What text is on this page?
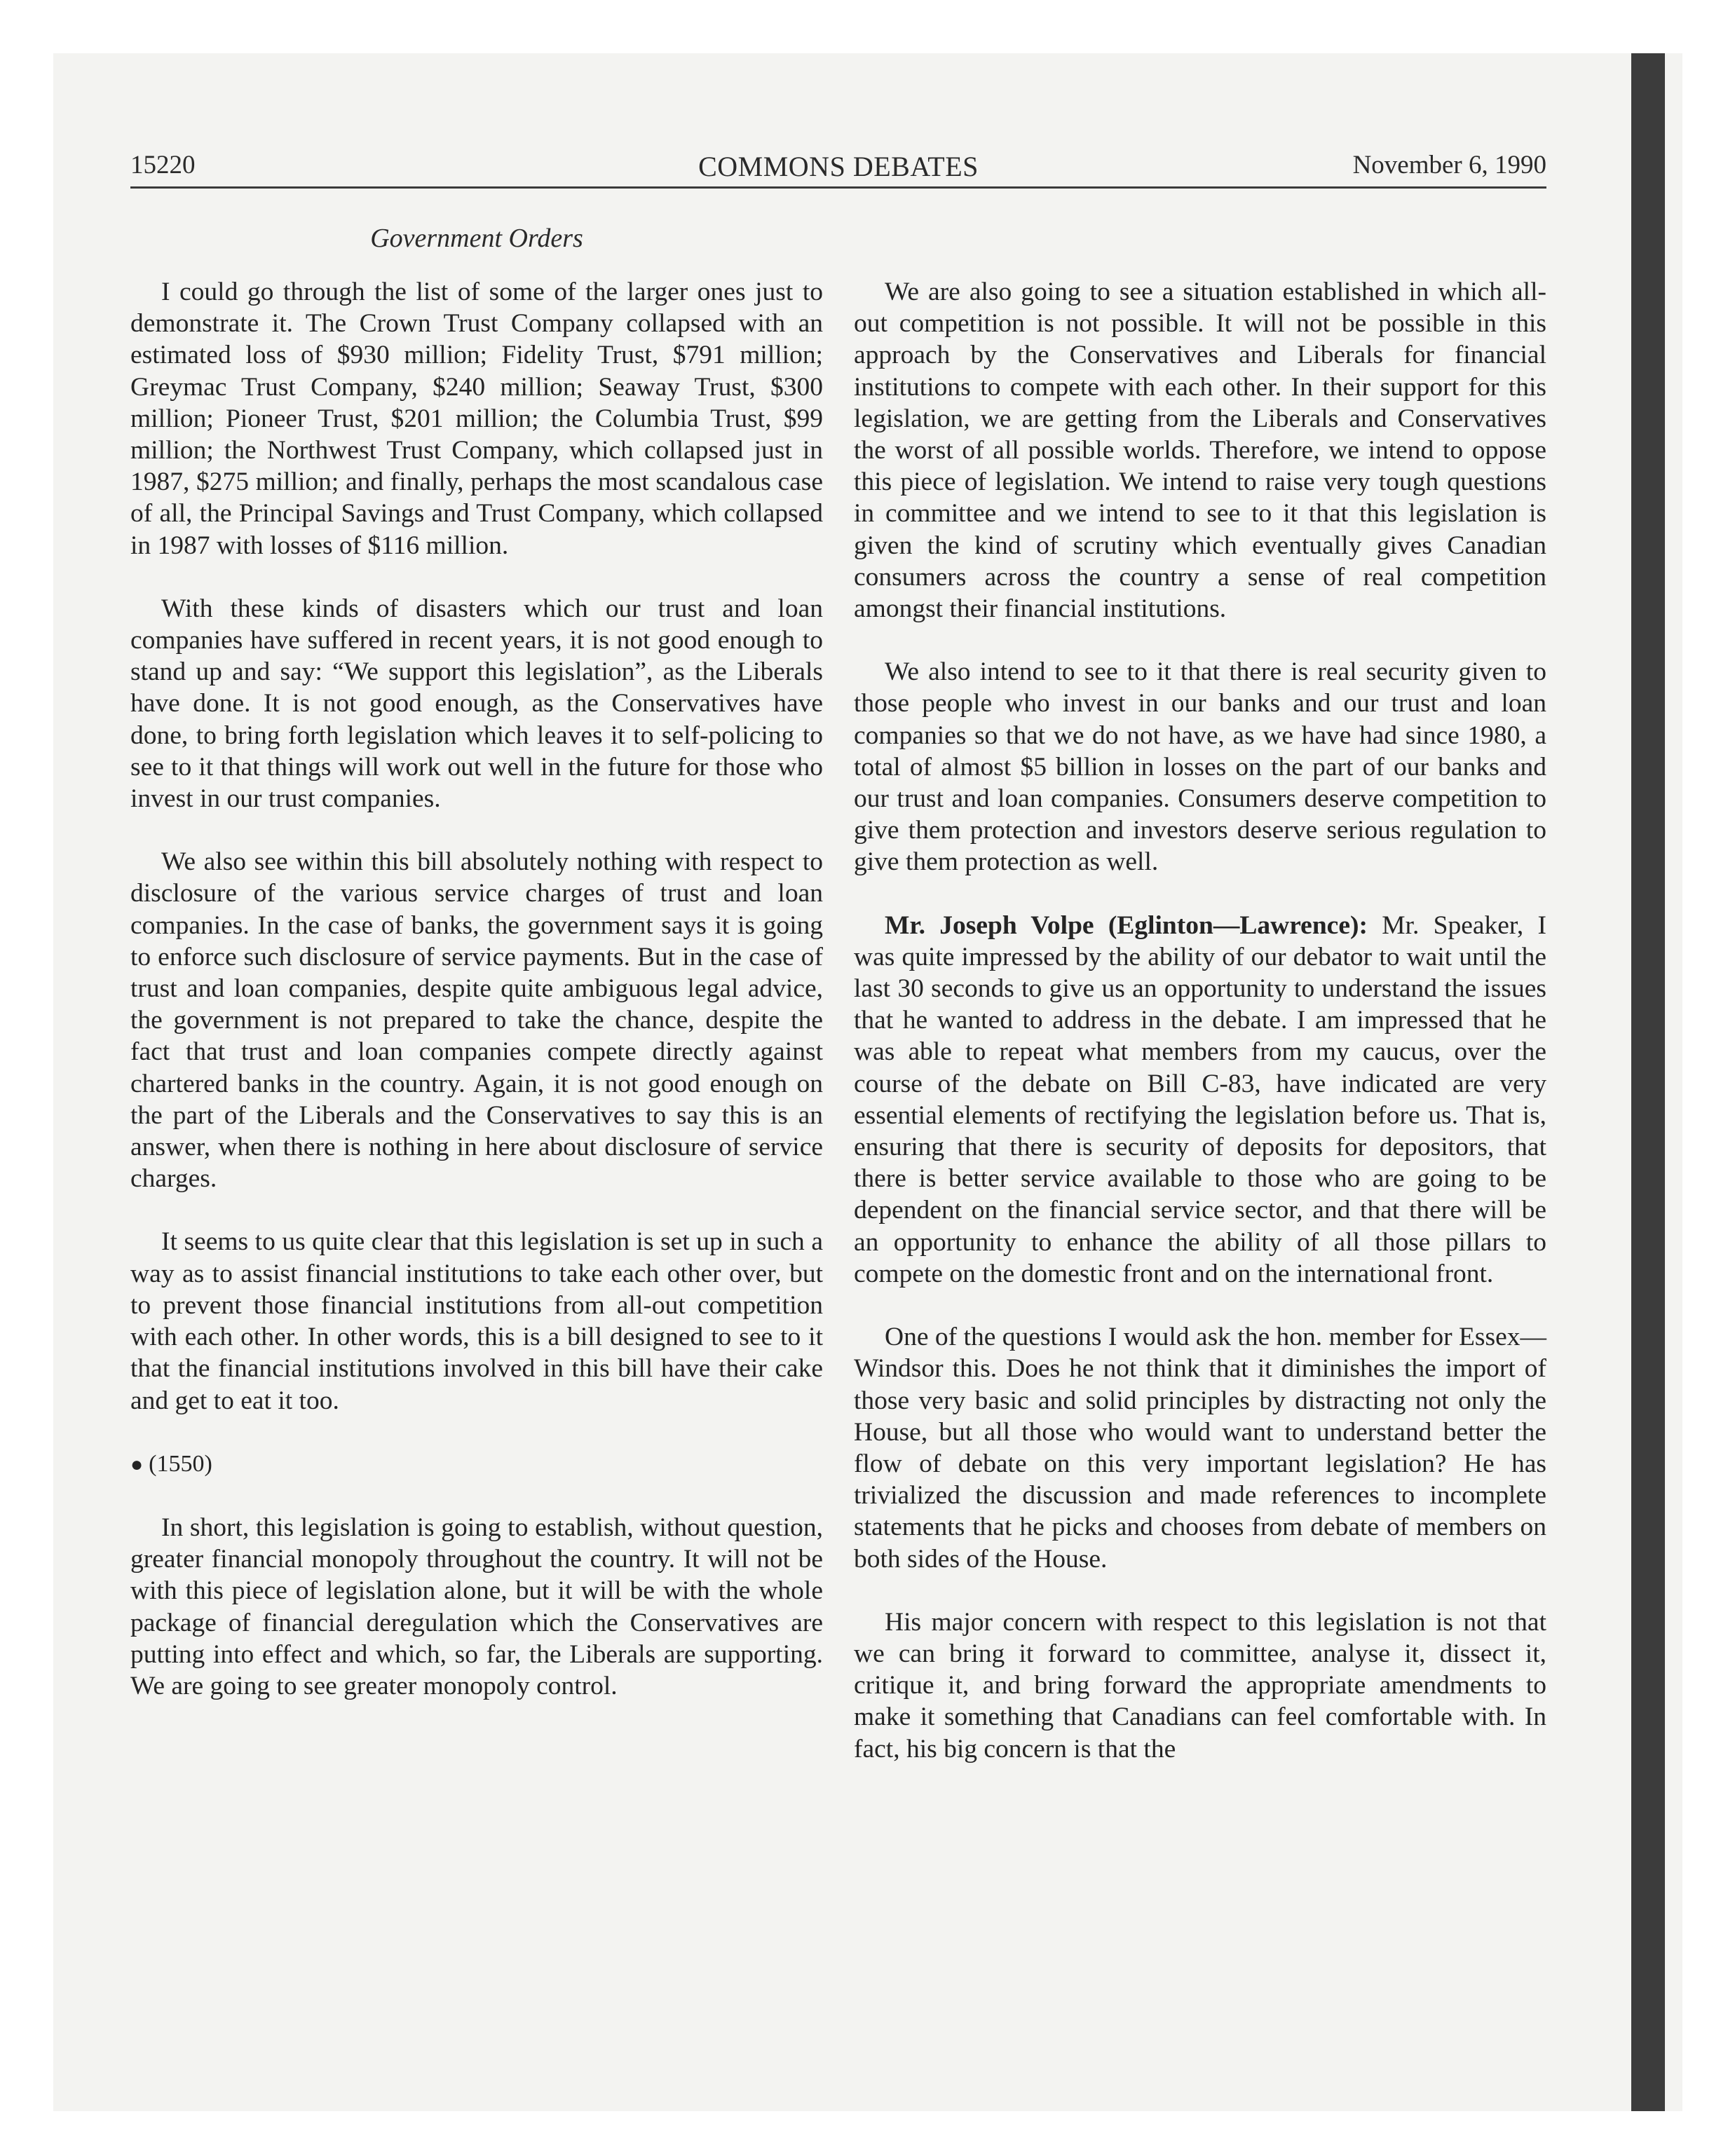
15220	COMMONS DEBATES	November 6, 1990
Government Orders

I could go through the list of some of the larger ones just to demonstrate it. The Crown Trust Company collapsed with an estimated loss of $930 million; Fidelity Trust, $791 million; Greymac Trust Company, $240 million; Seaway Trust, $300 million; Pioneer Trust, $201 million; the Columbia Trust, $99 million; the Northwest Trust Company, which collapsed just in 1987, $275 million; and finally, perhaps the most scandalous case of all, the Principal Savings and Trust Company, which collapsed in 1987 with losses of $116 million.

With these kinds of disasters which our trust and loan companies have suffered in recent years, it is not good enough to stand up and say: “We support this legislation”, as the Liberals have done. It is not good enough, as the Conservatives have done, to bring forth legislation which leaves it to self-policing to see to it that things will work out well in the future for those who invest in our trust companies.

We also see within this bill absolutely nothing with respect to disclosure of the various service charges of trust and loan companies. In the case of banks, the government says it is going to enforce such disclosure of service payments. But in the case of trust and loan companies, despite quite ambiguous legal advice, the government is not prepared to take the chance, despite the fact that trust and loan companies compete directly against chartered banks in the country. Again, it is not good enough on the part of the Liberals and the Conservatives to say this is an answer, when there is nothing in here about disclosure of service charges.

It seems to us quite clear that this legislation is set up in such a way as to assist financial institutions to take each other over, but to prevent those financial institutions from all-out competition with each other. In other words, this is a bill designed to see to it that the financial institutions involved in this bill have their cake and get to eat it too.

● (1550)

In short, this legislation is going to establish, without question, greater financial monopoly throughout the country. It will not be with this piece of legislation alone, but it will be with the whole package of financial deregulation which the Conservatives are putting into effect and which, so far, the Liberals are supporting. We are going to see greater monopoly control.

We are also going to see a situation established in which all-out competition is not possible. It will not be possible in this approach by the Conservatives and Liberals for financial institutions to compete with each other. In their support for this legislation, we are getting from the Liberals and Conservatives the worst of all possible worlds. Therefore, we intend to oppose this piece of legislation. We intend to raise very tough questions in committee and we intend to see to it that this legislation is given the kind of scrutiny which eventually gives Canadian consumers across the country a sense of real competition amongst their financial institutions.

We also intend to see to it that there is real security given to those people who invest in our banks and our trust and loan companies so that we do not have, as we have had since 1980, a total of almost $5 billion in losses on the part of our banks and our trust and loan companies. Consumers deserve competition to give them protection and investors deserve serious regulation to give them protection as well.

Mr. Joseph Volpe (Eglinton—Lawrence): Mr. Speaker, I was quite impressed by the ability of our debator to wait until the last 30 seconds to give us an opportunity to understand the issues that he wanted to address in the debate. I am impressed that he was able to repeat what members from my caucus, over the course of the debate on Bill C-83, have indicated are very essential elements of rectifying the legislation before us. That is, ensuring that there is security of deposits for depositors, that there is better service available to those who are going to be dependent on the financial service sector, and that there will be an opportunity to enhance the ability of all those pillars to compete on the domestic front and on the international front.

One of the questions I would ask the hon. member for Essex—Windsor this. Does he not think that it diminishes the import of those very basic and solid principles by distracting not only the House, but all those who would want to understand better the flow of debate on this very important legislation? He has trivialized the discussion and made references to incomplete statements that he picks and chooses from debate of members on both sides of the House.

His major concern with respect to this legislation is not that we can bring it forward to committee, analyse it, dissect it, critique it, and bring forward the appropriate amendments to make it something that Canadians can feel comfortable with. In fact, his big concern is that the
